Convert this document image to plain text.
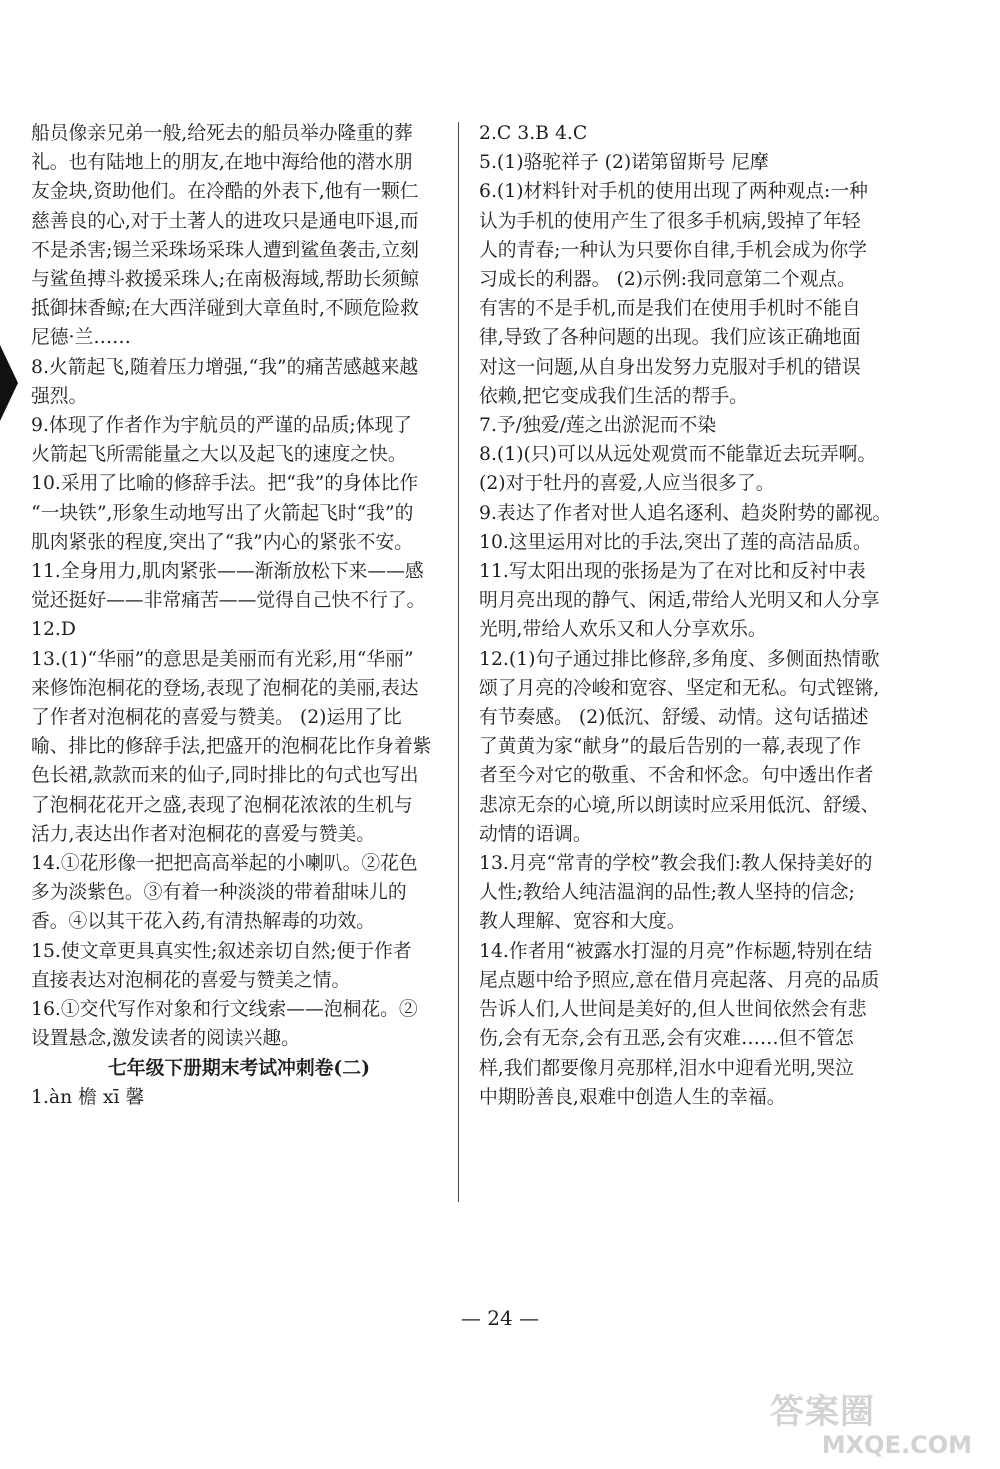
船员像亲兄弟一般,给死去的船员举办隆重的葬
礼。也有陆地上的朋友,在地中海给他的潜水朋
友金块,资助他们。在冷酷的外表下,他有一颗仁
慈善良的心,对于土著人的进攻只是通电吓退,而
不是杀害;锡兰采珠场采珠人遭到鲨鱼袭击,立刻
与鲨鱼搏斗救援采珠人;在南极海域,帮助长须鲸
抵御抹香鲸;在大西洋碰到大章鱼时,不顾危险救
尼德·兰……
8.火箭起飞,随着压力增强,“我”的痛苦感越来越
强烈。
9.体现了作者作为宇航员的严谨的品质;体现了
火箭起飞所需能量之大以及起飞的速度之快。
10.采用了比喻的修辞手法。把“我”的身体比作
“一块铁”,形象生动地写出了火箭起飞时“我”的
肌肉紧张的程度,突出了“我”内心的紧张不安。
11.全身用力,肌肉紧张——渐渐放松下来——感
觉还挺好——非常痛苦——觉得自己快不行了。
12.D
13.(1)“华丽”的意思是美丽而有光彩,用“华丽”
来修饰泡桐花的登场,表现了泡桐花的美丽,表达
了作者对泡桐花的喜爱与赞美。 (2)运用了比
喻、排比的修辞手法,把盛开的泡桐花比作身着紫
色长裙,款款而来的仙子,同时排比的句式也写出
了泡桐花花开之盛,表现了泡桐花浓浓的生机与
活力,表达出作者对泡桐花的喜爱与赞美。
14.①花形像一把把高高举起的小喇叭。②花色
多为淡紫色。③有着一种淡淡的带着甜味儿的
香。④以其干花入药,有清热解毒的功效。
15.使文章更具真实性;叙述亲切自然;便于作者
直接表达对泡桐花的喜爱与赞美之情。
16.①交代写作对象和行文线索——泡桐花。②
设置悬念,激发读者的阅读兴趣。
七年级下册期末考试冲刺卷(二)
1.àn 檐 xī 馨
2.C 3.B 4.C
5.(1)骆驼祥子 (2)诺第留斯号 尼摩
6.(1)材料针对手机的使用出现了两种观点:一种
认为手机的使用产生了很多手机病,毁掉了年轻
人的青春;一种认为只要你自律,手机会成为你学
习成长的利器。 (2)示例:我同意第二个观点。
有害的不是手机,而是我们在使用手机时不能自
律,导致了各种问题的出现。我们应该正确地面
对这一问题,从自身出发努力克服对手机的错误
依赖,把它变成我们生活的帮手。
7.予/独爱/莲之出淤泥而不染
8.(1)(只)可以从远处观赏而不能靠近去玩弄啊。
(2)对于牡丹的喜爱,人应当很多了。
9.表达了作者对世人追名逐利、趋炎附势的鄙视。
10.这里运用对比的手法,突出了莲的高洁品质。
11.写太阳出现的张扬是为了在对比和反衬中表
明月亮出现的静气、闲适,带给人光明又和人分享
光明,带给人欢乐又和人分享欢乐。
12.(1)句子通过排比修辞,多角度、多侧面热情歌
颂了月亮的冷峻和宽容、坚定和无私。句式铿锵,
有节奏感。 (2)低沉、舒缓、动情。这句话描述
了黄黄为家“献身”的最后告别的一幕,表现了作
者至今对它的敬重、不舍和怀念。句中透出作者
悲凉无奈的心境,所以朗读时应采用低沉、舒缓、
动情的语调。
13.月亮“常青的学校”教会我们:教人保持美好的
人性;教给人纯洁温润的品性;教人坚持的信念;
教人理解、宽容和大度。
14.作者用“被露水打湿的月亮”作标题,特别在结
尾点题中给予照应,意在借月亮起落、月亮的品质
告诉人们,人世间是美好的,但人世间依然会有悲
伤,会有无奈,会有丑恶,会有灾难……但不管怎
样,我们都要像月亮那样,泪水中迎看光明,哭泣
中期盼善良,艰难中创造人生的幸福。
— 24 —
答案圈
MXQE.COM
